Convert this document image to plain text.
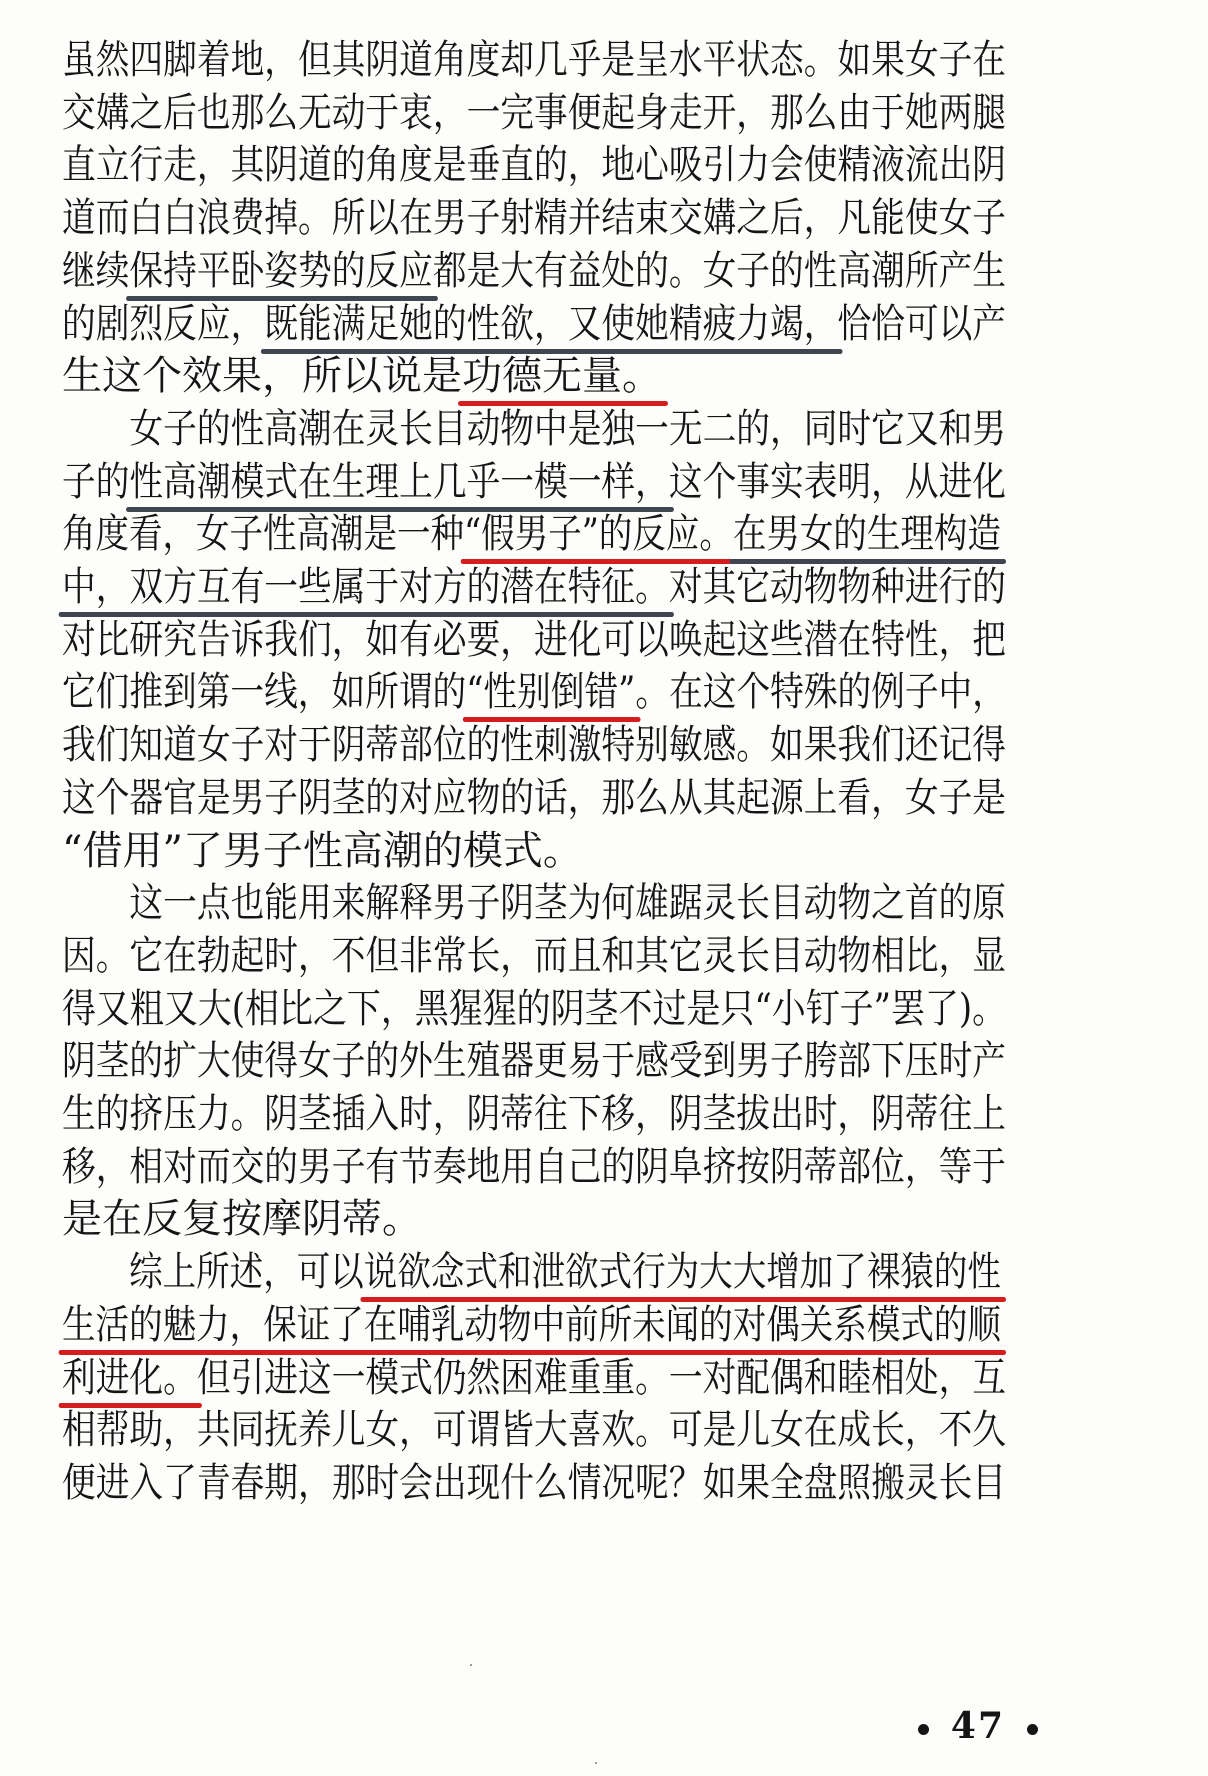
虽然四脚着地，但其阴道角度却几乎是呈水平状态。如果女子在
交媾之后也那么无动于衷，一完事便起身走开，那么由于她两腿
直立行走，其阴道的角度是垂直的，地心吸引力会使精液流出阴
道而白白浪费掉。所以在男子射精并结束交媾之后，凡能使女子
继续保持平卧姿势的反应都是大有益处的。女子的性高潮所产生
的剧烈反应，既能满足她的性欲，又使她精疲力竭，恰恰可以产
生这个效果，所以说是功德无量。
　　女子的性高潮在灵长目动物中是独一无二的，同时它又和男
子的性高潮模式在生理上几乎一模一样，这个事实表明，从进化
角度看，女子性高潮是一种“假男子”的反应。在男女的生理构造
中，双方互有一些属于对方的潜在特征。对其它动物物种进行的
对比研究告诉我们，如有必要，进化可以唤起这些潜在特性，把
它们推到第一线，如所谓的“性别倒错”。在这个特殊的例子中，
我们知道女子对于阴蒂部位的性刺激特别敏感。如果我们还记得
这个器官是男子阴茎的对应物的话，那么从其起源上看，女子是
“借用”了男子性高潮的模式。
　　这一点也能用来解释男子阴茎为何雄踞灵长目动物之首的原
因。它在勃起时，不但非常长，而且和其它灵长目动物相比，显
得又粗又大(相比之下，黑猩猩的阴茎不过是只“小钉子”罢了)。
阴茎的扩大使得女子的外生殖器更易于感受到男子胯部下压时产
生的挤压力。阴茎插入时，阴蒂往下移，阴茎拔出时，阴蒂往上
移，相对而交的男子有节奏地用自己的阴阜挤按阴蒂部位，等于
是在反复按摩阴蒂。
　　综上所述，可以说欲念式和泄欲式行为大大增加了裸猿的性
生活的魅力，保证了在哺乳动物中前所未闻的对偶关系模式的顺
利进化。但引进这一模式仍然困难重重。一对配偶和睦相处，互
相帮助，共同抚养儿女，可谓皆大喜欢。可是儿女在成长，不久
便进入了青春期，那时会出现什么情况呢？如果全盘照搬灵长目
47
